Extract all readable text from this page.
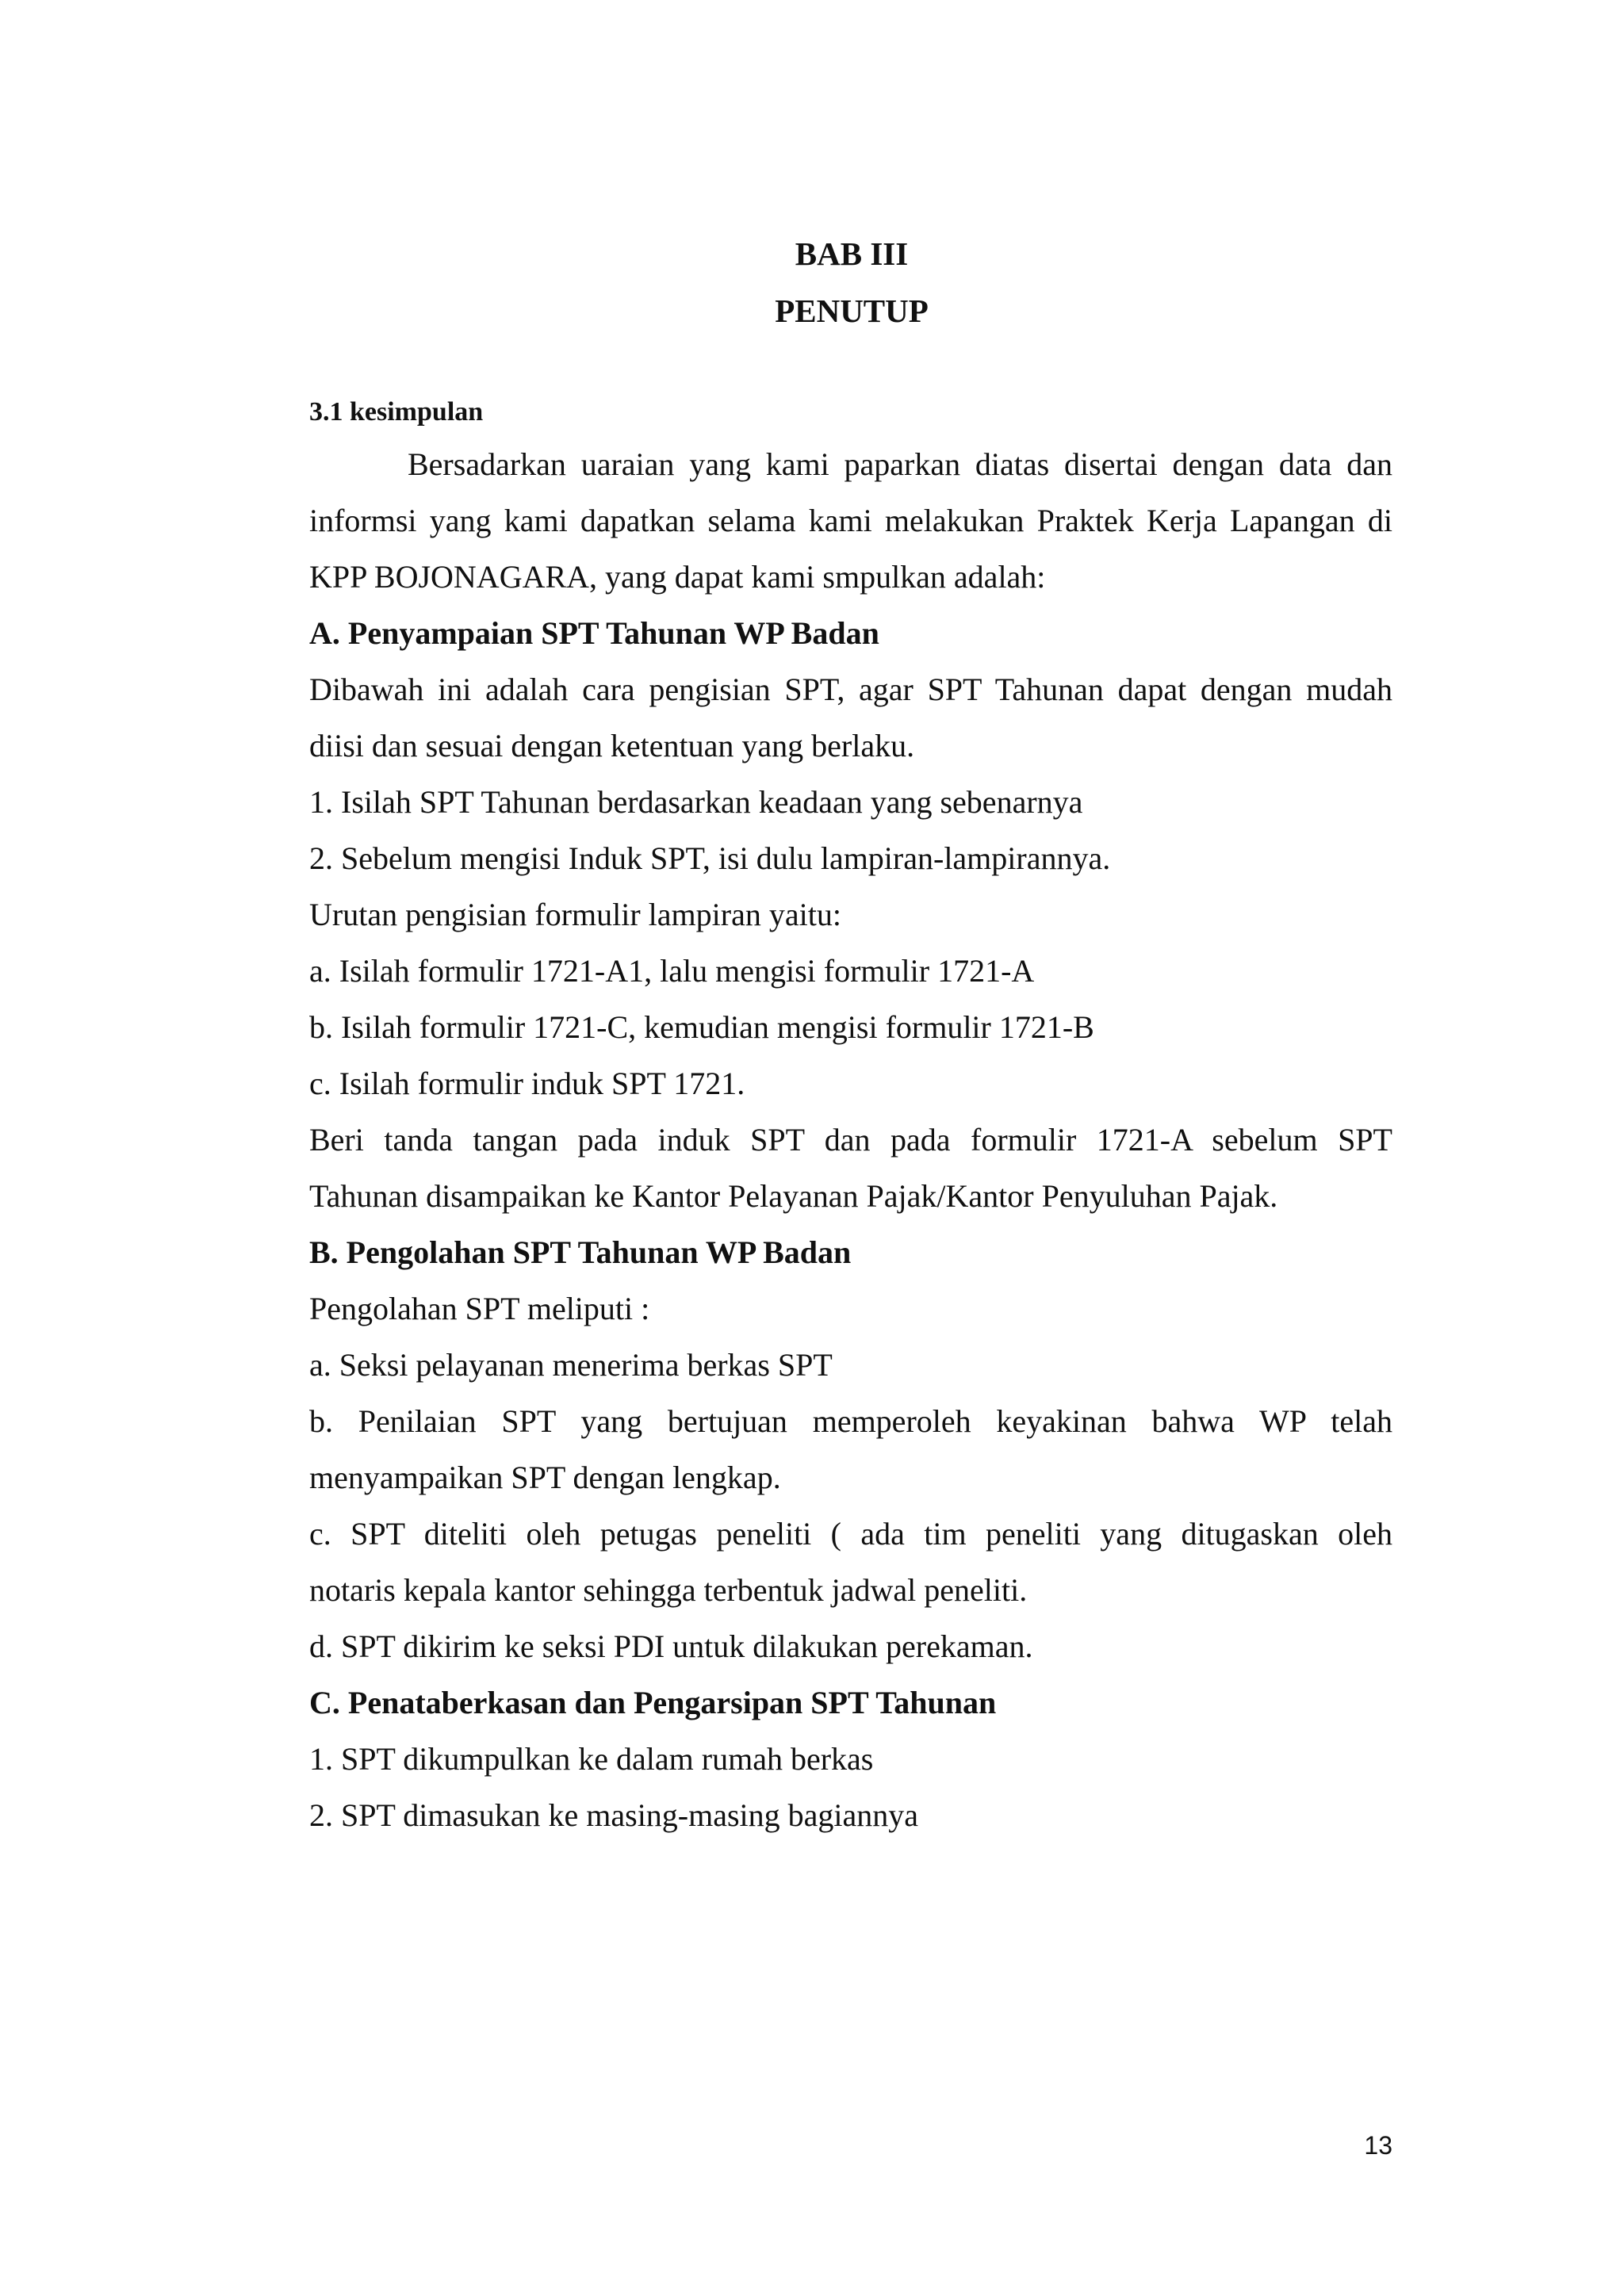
BAB III
PENUTUP
3.1 kesimpulan
Bersadarkan uaraian yang kami paparkan diatas disertai dengan data dan
informsi yang kami dapatkan selama kami melakukan Praktek Kerja Lapangan di
KPP BOJONAGARA, yang dapat kami smpulkan adalah:
A. Penyampaian SPT Tahunan WP Badan
Dibawah ini adalah cara pengisian SPT, agar SPT Tahunan dapat dengan mudah
diisi dan sesuai dengan ketentuan yang berlaku.
1. Isilah SPT Tahunan berdasarkan keadaan yang sebenarnya
2. Sebelum mengisi Induk SPT, isi dulu lampiran-lampirannya.
Urutan pengisian formulir lampiran yaitu:
a. Isilah formulir 1721-A1, lalu mengisi formulir 1721-A
b. Isilah formulir 1721-C, kemudian mengisi formulir 1721-B
c. Isilah formulir induk SPT 1721.
Beri tanda tangan pada induk SPT dan pada formulir 1721-A sebelum SPT
Tahunan disampaikan ke Kantor Pelayanan Pajak/Kantor Penyuluhan Pajak.
B. Pengolahan SPT Tahunan WP Badan
Pengolahan SPT meliputi :
a. Seksi pelayanan menerima berkas SPT
b. Penilaian SPT yang bertujuan memperoleh keyakinan bahwa WP telah
menyampaikan SPT dengan lengkap.
c. SPT diteliti oleh petugas peneliti ( ada tim peneliti yang ditugaskan oleh
notaris kepala kantor sehingga terbentuk jadwal peneliti.
d. SPT dikirim ke seksi PDI untuk dilakukan perekaman.
C. Penataberkasan dan Pengarsipan SPT Tahunan
1. SPT dikumpulkan ke dalam rumah berkas
2. SPT dimasukan ke masing-masing bagiannya
13
